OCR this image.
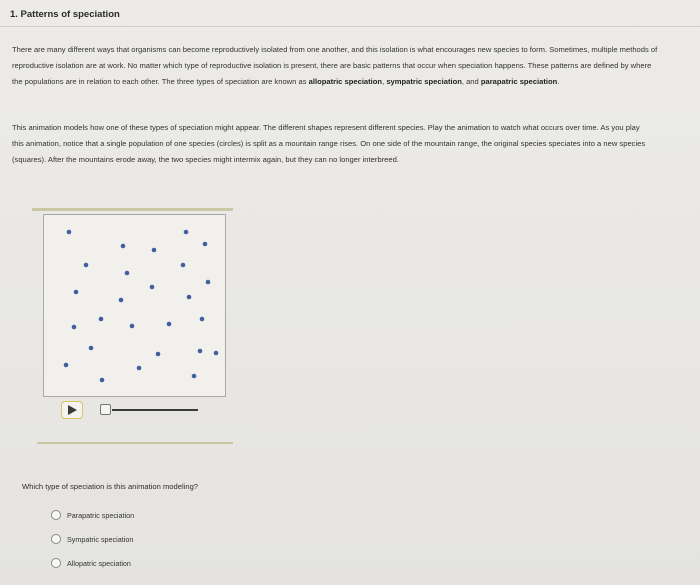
1. Patterns of speciation
There are many different ways that organisms can become reproductively isolated from one another, and this isolation is what encourages new species to form. Sometimes, multiple methods of reproductive isolation are at work. No matter which type of reproductive isolation is present, there are basic patterns that occur when speciation happens. These patterns are defined by where the populations are in relation to each other. The three types of speciation are known as allopatric speciation, sympatric speciation, and parapatric speciation.
This animation models how one of these types of speciation might appear. The different shapes represent different species. Play the animation to watch what occurs over time. As you play this animation, notice that a single population of one species (circles) is split as a mountain range rises. On one side of the mountain range, the original species speciates into a new species (squares). After the mountains erode away, the two species might intermix again, but they can no longer interbreed.
Which type of speciation is this animation modeling?
Parapatric speciation
Sympatric speciation
Allopatric speciation
